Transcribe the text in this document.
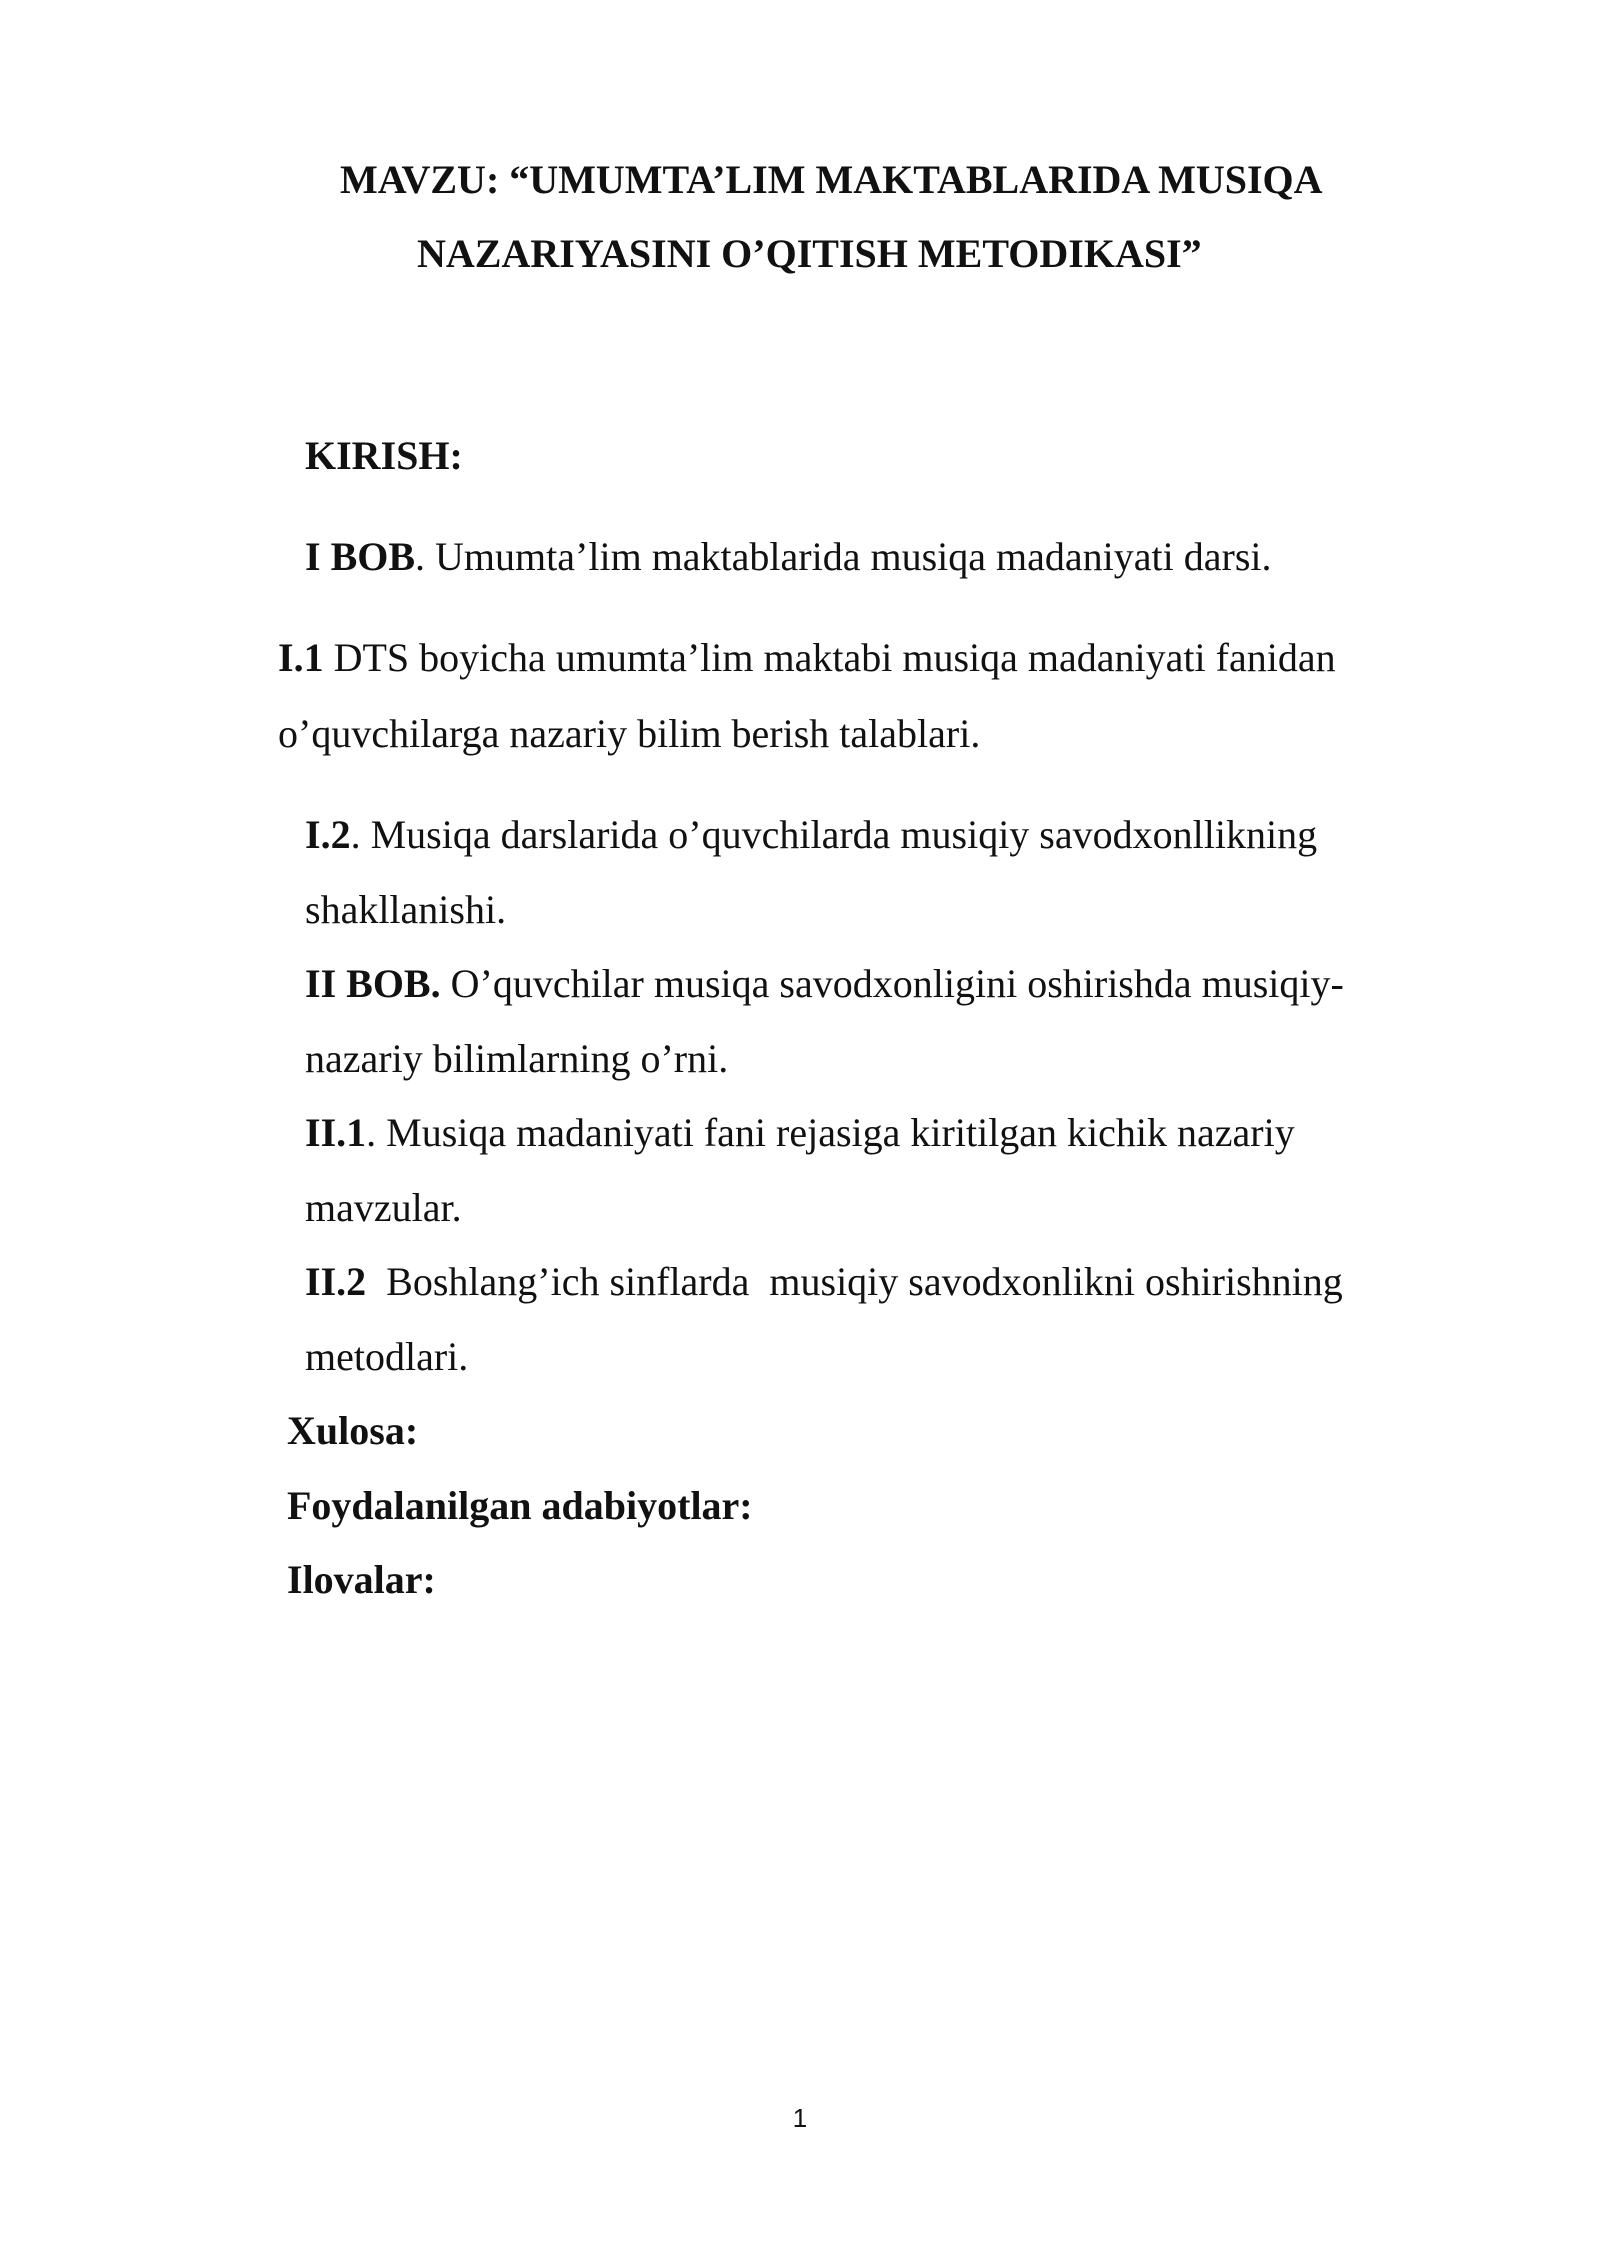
MAVZU: “UMUMTA’LIM MAKTABLARIDA MUSIQA
NAZARIYASINI O’QITISH METODIKASI”
KIRISH:
I BOB. Umumta’lim maktablarida musiqa madaniyati darsi.
I.1 DTS boyicha umumta’lim maktabi musiqa madaniyati fanidan
o’quvchilarga nazariy bilim berish talablari.
I.2. Musiqa darslarida o’quvchilarda musiqiy savodxonllikning
shakllanishi.
II BOB. O’quvchilar musiqa savodxonligini oshirishda musiqiy-
nazariy bilimlarning o’rni.
II.1. Musiqa madaniyati fani rejasiga kiritilgan kichik nazariy
mavzular.
II.2  Boshlang’ich sinflarda  musiqiy savodxonlikni oshirishning
metodlari.
Xulosa:
Foydalanilgan adabiyotlar:
Ilovalar:
1
